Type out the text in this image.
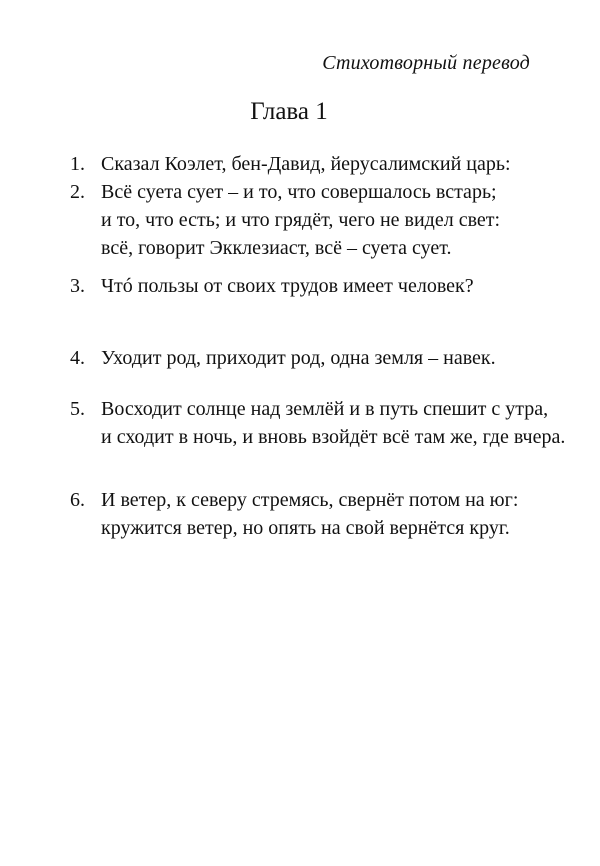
Стихотворный перевод
Глава 1
1. Сказал Коэлет, бен-Давид, йерусалимский царь:
2. Всё суета сует – и то, что совершалось встарь;
и то, что есть; и что грядёт, чего не видел свет:
всё, говорит Экклезиаст, всё – суета сует.
3. Чтó пользы от своих трудов имеет человек?
4. Уходит род, приходит род, одна земля – навек.
5. Восходит солнце над землёй и в путь спешит с утра,
и сходит в ночь, и вновь взойдёт всё там же, где вчера.
6. И ветер, к северу стремясь, свернёт потом на юг:
кружится ветер, но опять на свой вернётся круг.
